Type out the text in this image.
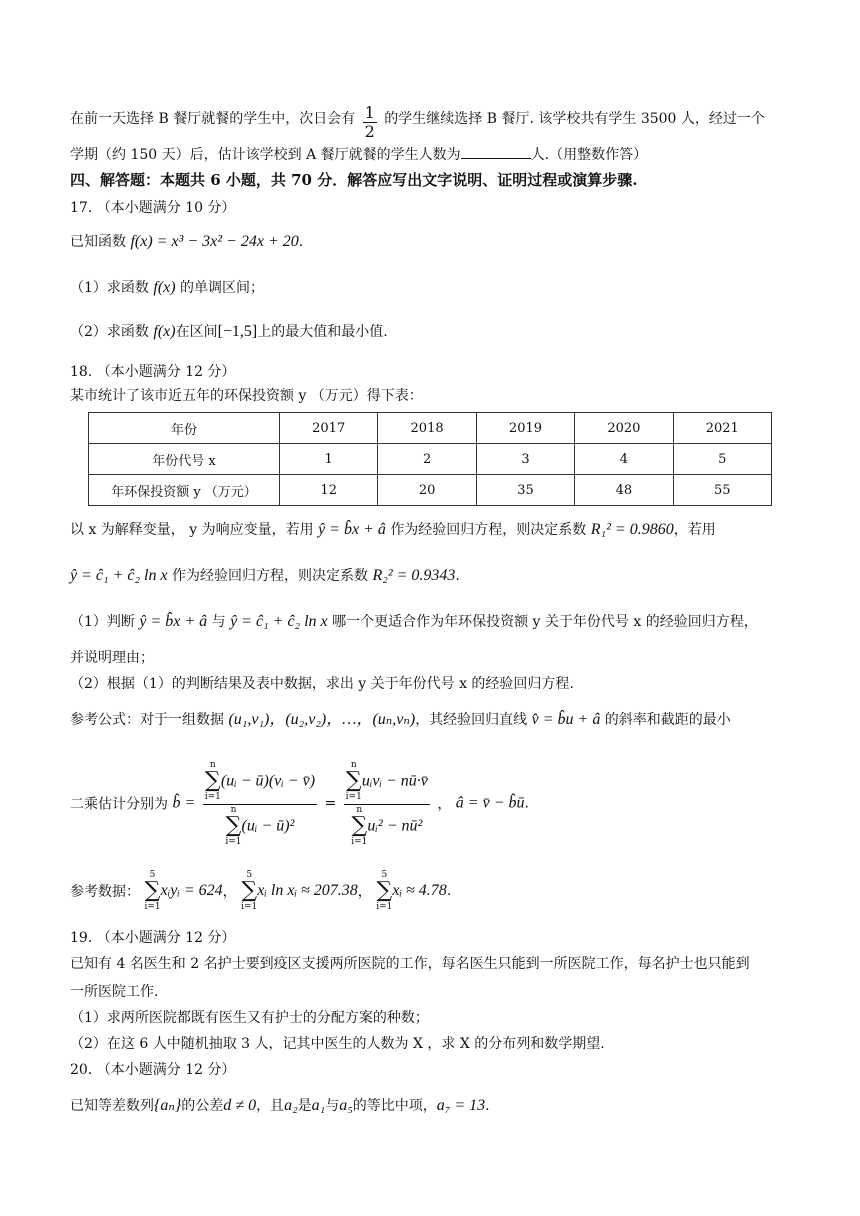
在前一天选择 B 餐厅就餐的学生中，次日会有 $\frac{1}{2}$ 的学生继续选择 B 餐厅. 该学校共有学生 3500 人，经过一个
学期（约 150 天）后，估计该学校到 A 餐厅就餐的学生人数为	人.（用整数作答）
四、解答题：本题共 6 小题，共 70 分．解答应写出文字说明、证明过程或演算步骤.
17. （本小题满分 10 分）
已知函数 f(x) = x³ − 3x² − 24x + 20.
（1）求函数 f(x) 的单调区间；
（2）求函数 f(x)在区间[−1,5]上的最大值和最小值.
18. （本小题满分 12 分）
某市统计了该市近五年的环保投资额 y （万元）得下表：
年份	2017	2018	2019	2020	2021
年份代号 x	1	2	3	4	5
年环保投资额 y （万元）	12	20	35	48	55
以 x 为解释变量， y 为响应变量，若用 ŷ = b̂x + â 作为经验回归方程，则决定系数 R₁² = 0.9860，若用
ŷ = ĉ₁ + ĉ₂ ln x 作为经验回归方程，则决定系数 R₂² = 0.9343.
（1）判断 ŷ = b̂x + â 与 ŷ = ĉ₁ + ĉ₂ ln x 哪一个更适合作为年环保投资额 y 关于年份代号 x 的经验回归方程，
并说明理由；
（2）根据（1）的判断结果及表中数据，求出 y 关于年份代号 x 的经验回归方程.
参考公式：对于一组数据 (u₁,v₁)，(u₂,v₂)，…，(uₙ,vₙ)，其经验回归直线 v̂ = b̂u + â 的斜率和截距的最小
二乘估计分别为 b̂ = n
∑
i=1
(uᵢ − ū)(vᵢ − v̄)
n
∑
i=1
(uᵢ − ū)² = n
∑
i=1
uᵢvᵢ − nū·v̄
n
∑
i=1
uᵢ² − nū² ， â = v̄ − b̂ū.
参考数据：
5
∑
i=1
xᵢyᵢ = 624，
5
∑
i=1
xᵢ ln xᵢ ≈ 207.38，
5
∑
i=1
xᵢ ≈ 4.78.
19. （本小题满分 12 分）
已知有 4 名医生和 2 名护士要到疫区支援两所医院的工作，每名医生只能到一所医院工作，每名护士也只能到
一所医院工作.
（1）求两所医院都既有医生又有护士的分配方案的种数；
（2）在这 6 人中随机抽取 3 人，记其中医生的人数为 X ，求 X 的分布列和数学期望.
20. （本小题满分 12 分）
已知等差数列{aₙ}的公差d ≠ 0，且a₂是a₁与a₅的等比中项，a₇ = 13.
